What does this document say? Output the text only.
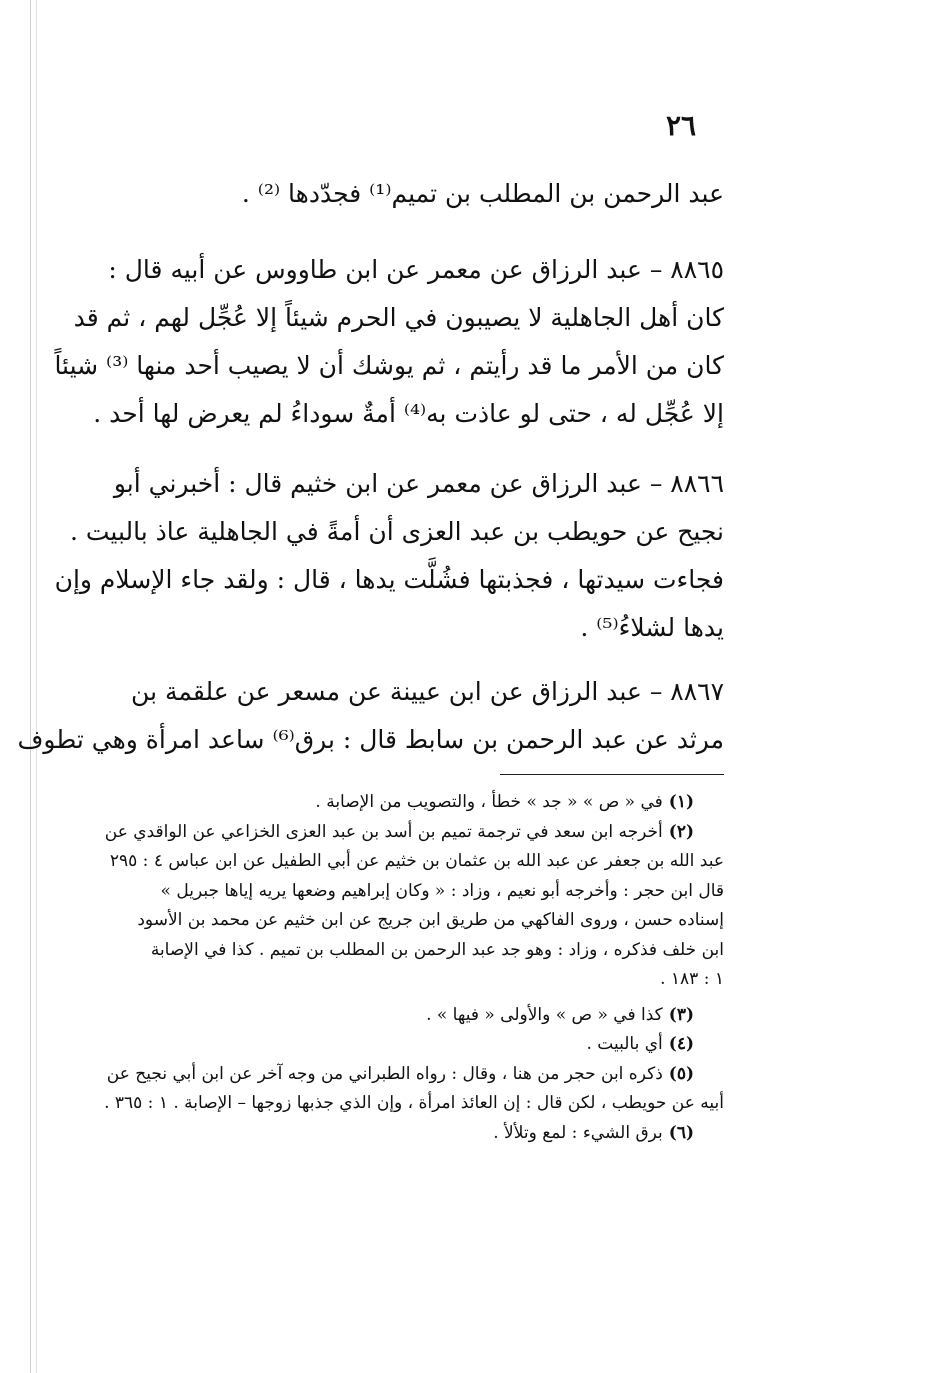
٢٦
عبد الرحمن بن المطلب بن تميم⁽¹⁾ فجدّدها ⁽²⁾ .
٨٨٦٥ – عبد الرزاق عن معمر عن ابن طاووس عن أبيه قال :
كان أهل الجاهلية لا يصيبون في الحرم شيئاً إلا عُجِّل لهم ، ثم قد
كان من الأمر ما قد رأيتم ، ثم يوشك أن لا يصيب أحد منها ⁽³⁾ شيئاً
إلا عُجِّل له ، حتى لو عاذت به⁽⁴⁾ أمةٌ سوداءُ لم يعرض لها أحد .
٨٨٦٦ – عبد الرزاق عن معمر عن ابن خثيم قال : أخبرني أبو
نجيح عن حويطب بن عبد العزى أن أمةً في الجاهلية عاذ بالبيت .
فجاءت سيدتها ، فجذبتها فشُلَّت يدها ، قال : ولقد جاء الإسلام وإن
يدها لشلاءُ⁽⁵⁾ .
٨٨٦٧ – عبد الرزاق عن ابن عيينة عن مسعر عن علقمة بن
مرثد عن عبد الرحمن بن سابط قال : برق⁽⁶⁾ ساعد امرأة وهي تطوف
(١)في « ص » « جد » خطأ ، والتصويب من الإصابة .
(٢)أخرجه ابن سعد في ترجمة تميم بن أسد بن عبد العزى الخزاعي عن الواقدي عن
عبد الله بن جعفر عن عبد الله بن عثمان بن خثيم عن أبي الطفيل عن ابن عباس ٤ : ٢٩٥
قال ابن حجر : وأخرجه أبو نعيم ، وزاد : « وكان إبراهيم وضعها يريه إياها جبريل »
إسناده حسن ، وروى الفاكهي من طريق ابن جريج عن ابن خثيم عن محمد بن الأسود
ابن خلف فذكره ، وزاد : وهو جد عبد الرحمن بن المطلب بن تميم . كذا في الإصابة
١ : ١٨٣ .
(٣)كذا في « ص » والأولى « فيها » .
(٤)أي بالبيت .
(٥)ذكره ابن حجر من هنا ، وقال : رواه الطبراني من وجه آخر عن ابن أبي نجيح عن
أبيه عن حويطب ، لكن قال : إن العائذ امرأة ، وإن الذي جذبها زوجها – الإصابة . ١ : ٣٦٥ .
(٦)برق الشيء : لمع وتلألأ .
